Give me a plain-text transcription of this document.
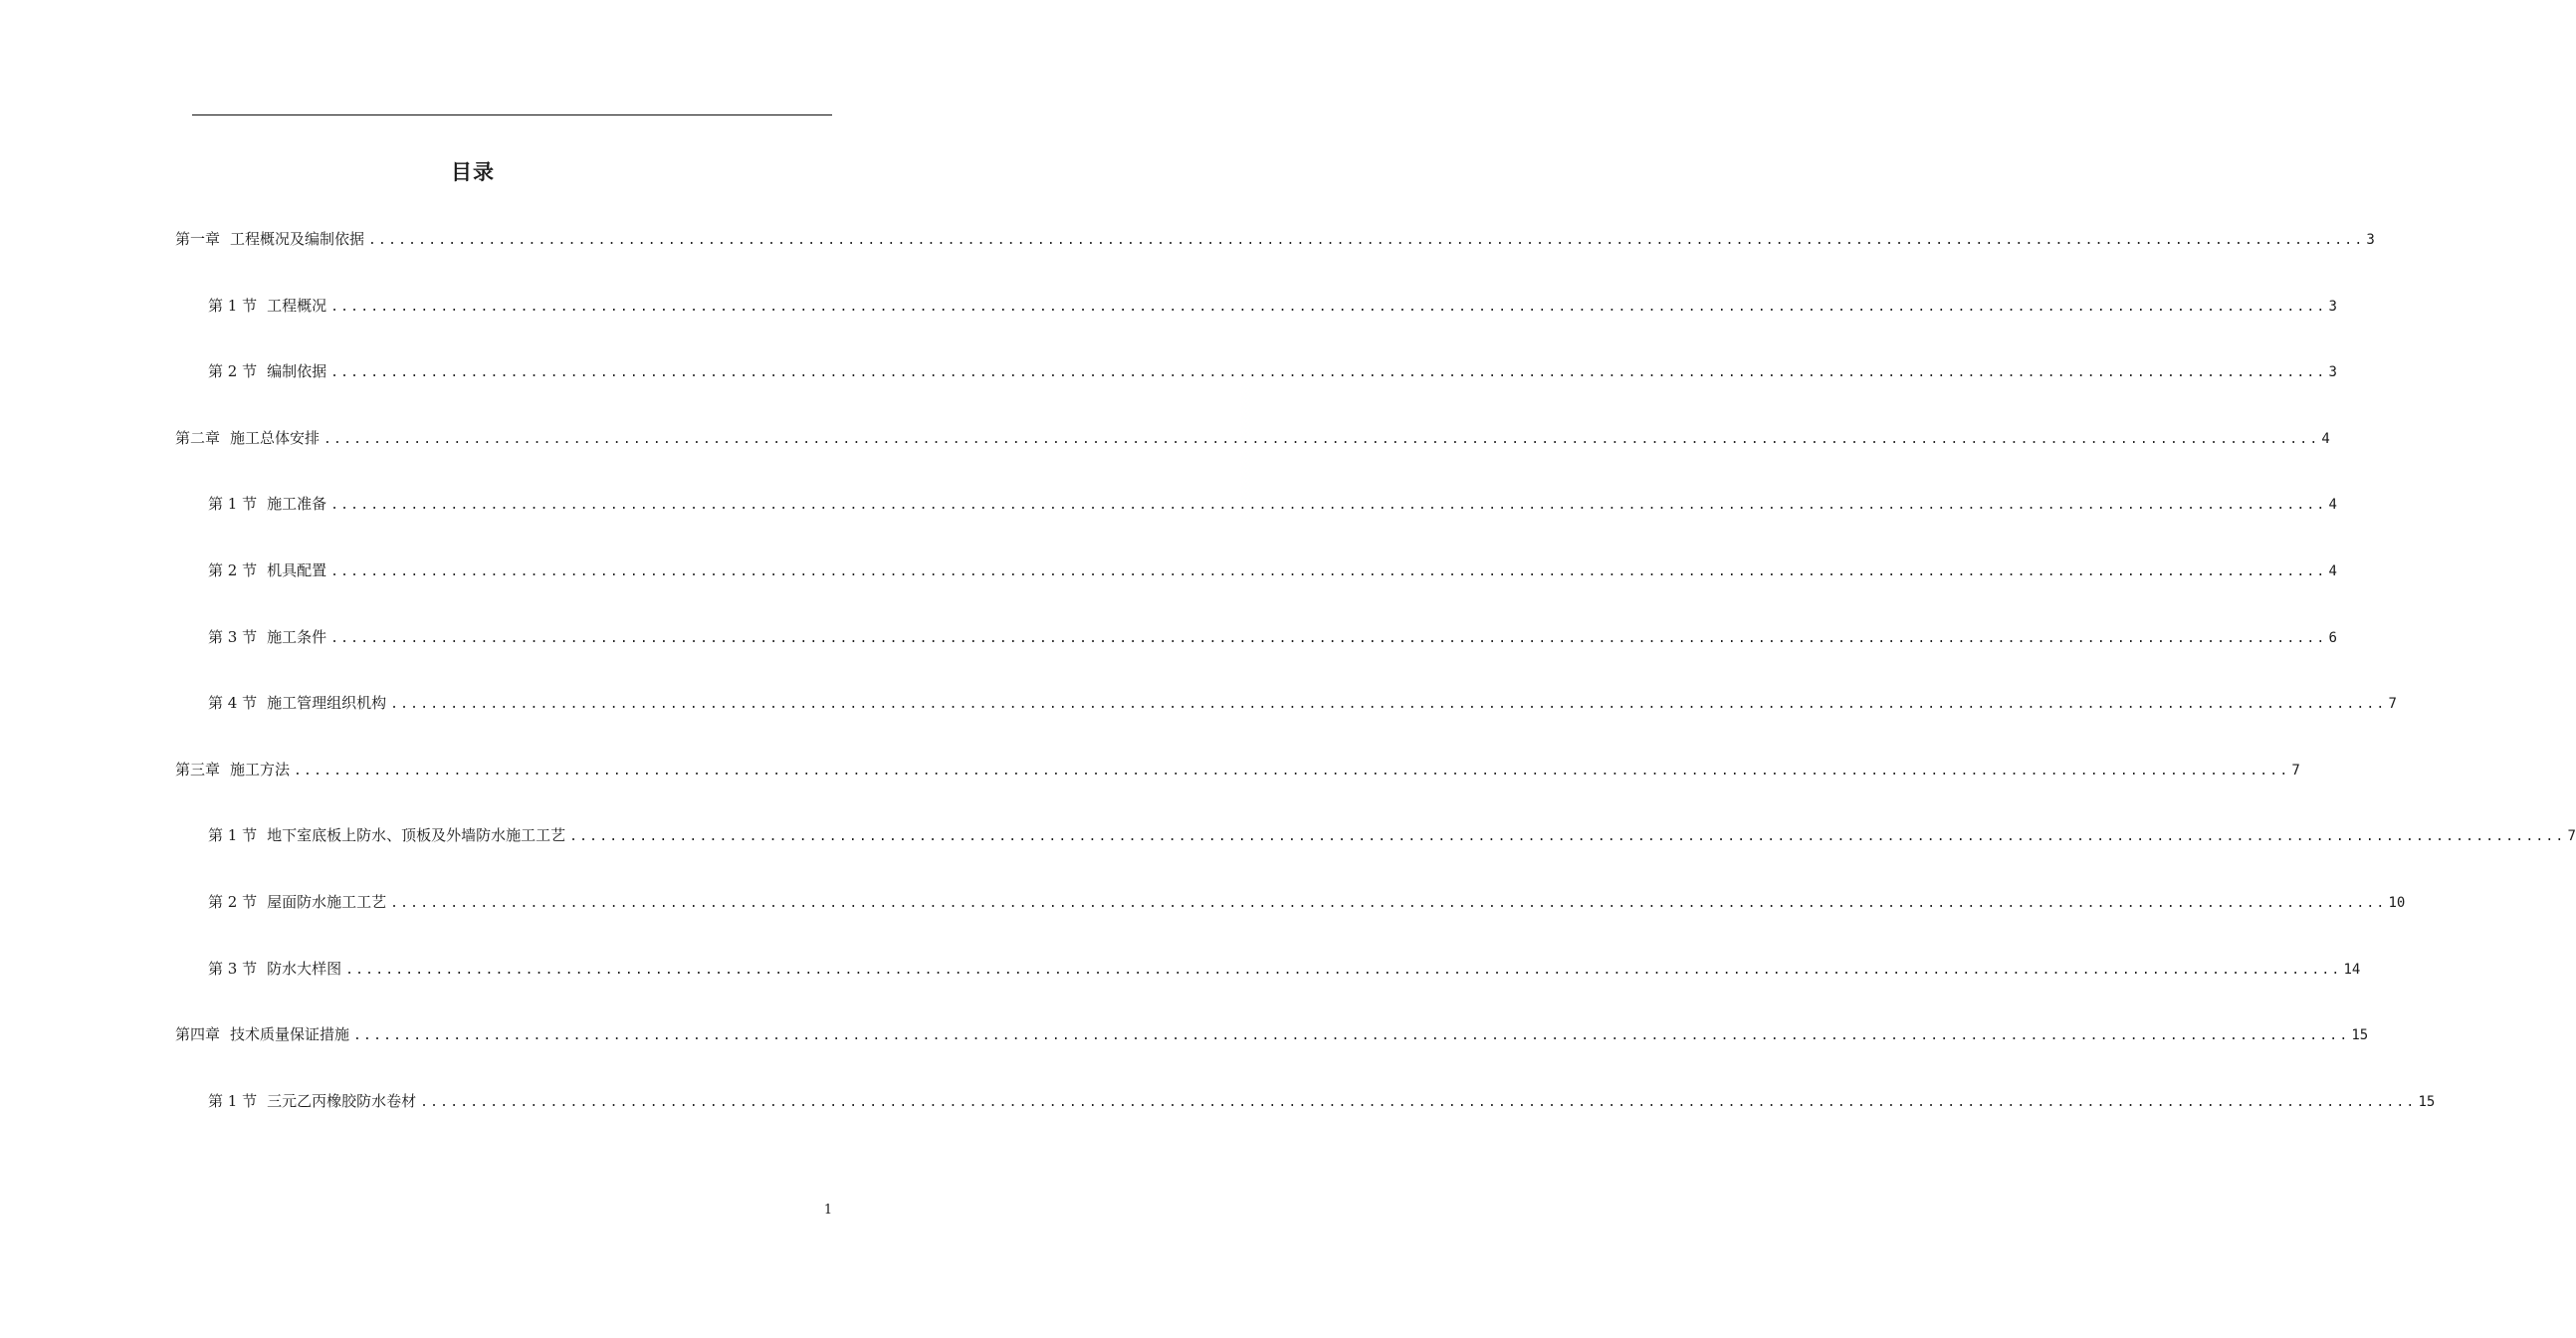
目录
第一章 工程概况及编制依据 ........................................................................................................................................................................................................ 3
第 1 节 工程概况 ........................................................................................................................................................................................................ 3
第 2 节 编制依据 ........................................................................................................................................................................................................ 3
第二章 施工总体安排 ........................................................................................................................................................................................................ 4
第 1 节 施工准备 ........................................................................................................................................................................................................ 4
第 2 节 机具配置 ........................................................................................................................................................................................................ 4
第 3 节 施工条件 ........................................................................................................................................................................................................ 6
第 4 节 施工管理组织机构 ........................................................................................................................................................................................................ 7
第三章 施工方法 ........................................................................................................................................................................................................ 7
第 1 节 地下室底板上防水、顶板及外墙防水施工工艺 ........................................................................................................................................................................................................ 7
第 2 节 屋面防水施工工艺 ........................................................................................................................................................................................................ 10
第 3 节 防水大样图 ........................................................................................................................................................................................................ 14
第四章 技术质量保证措施 ........................................................................................................................................................................................................ 15
第 1 节 三元乙丙橡胶防水卷材 ........................................................................................................................................................................................................ 15
1
